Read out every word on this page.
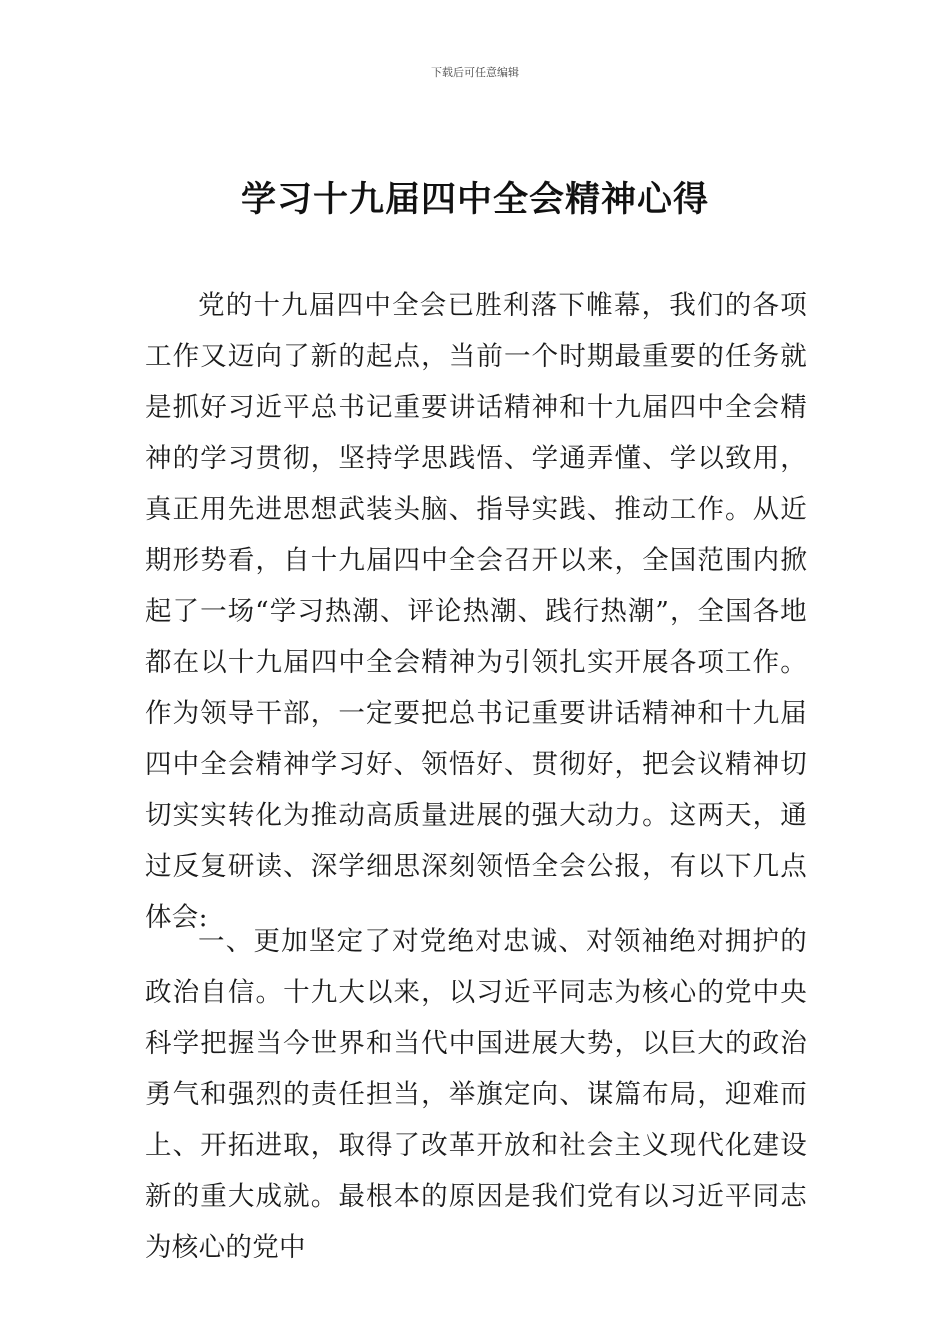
下载后可任意编辑
学习十九届四中全会精神心得

党的十九届四中全会已胜利落下帷幕，我们的各项工作又迈向了新的起点，当前一个时期最重要的任务就是抓好习近平总书记重要讲话精神和十九届四中全会精神的学习贯彻，坚持学思践悟、学通弄懂、学以致用，真正用先进思想武装头脑、指导实践、推动工作。从近期形势看，自十九届四中全会召开以来，全国范围内掀起了一场“学习热潮、评论热潮、践行热潮”，全国各地都在以十九届四中全会精神为引领扎实开展各项工作。作为领导干部，一定要把总书记重要讲话精神和十九届四中全会精神学习好、领悟好、贯彻好，把会议精神切切实实转化为推动高质量进展的强大动力。这两天，通过反复研读、深学细思深刻领悟全会公报，有以下几点体会:

一、更加坚定了对党绝对忠诚、对领袖绝对拥护的政治自信。十九大以来，以习近平同志为核心的党中央科学把握当今世界和当代中国进展大势，以巨大的政治勇气和强烈的责任担当，举旗定向、谋篇布局，迎难而上、开拓进取，取得了改革开放和社会主义现代化建设新的重大成就。最根本的原因是我们党有以习近平同志为核心的党中
